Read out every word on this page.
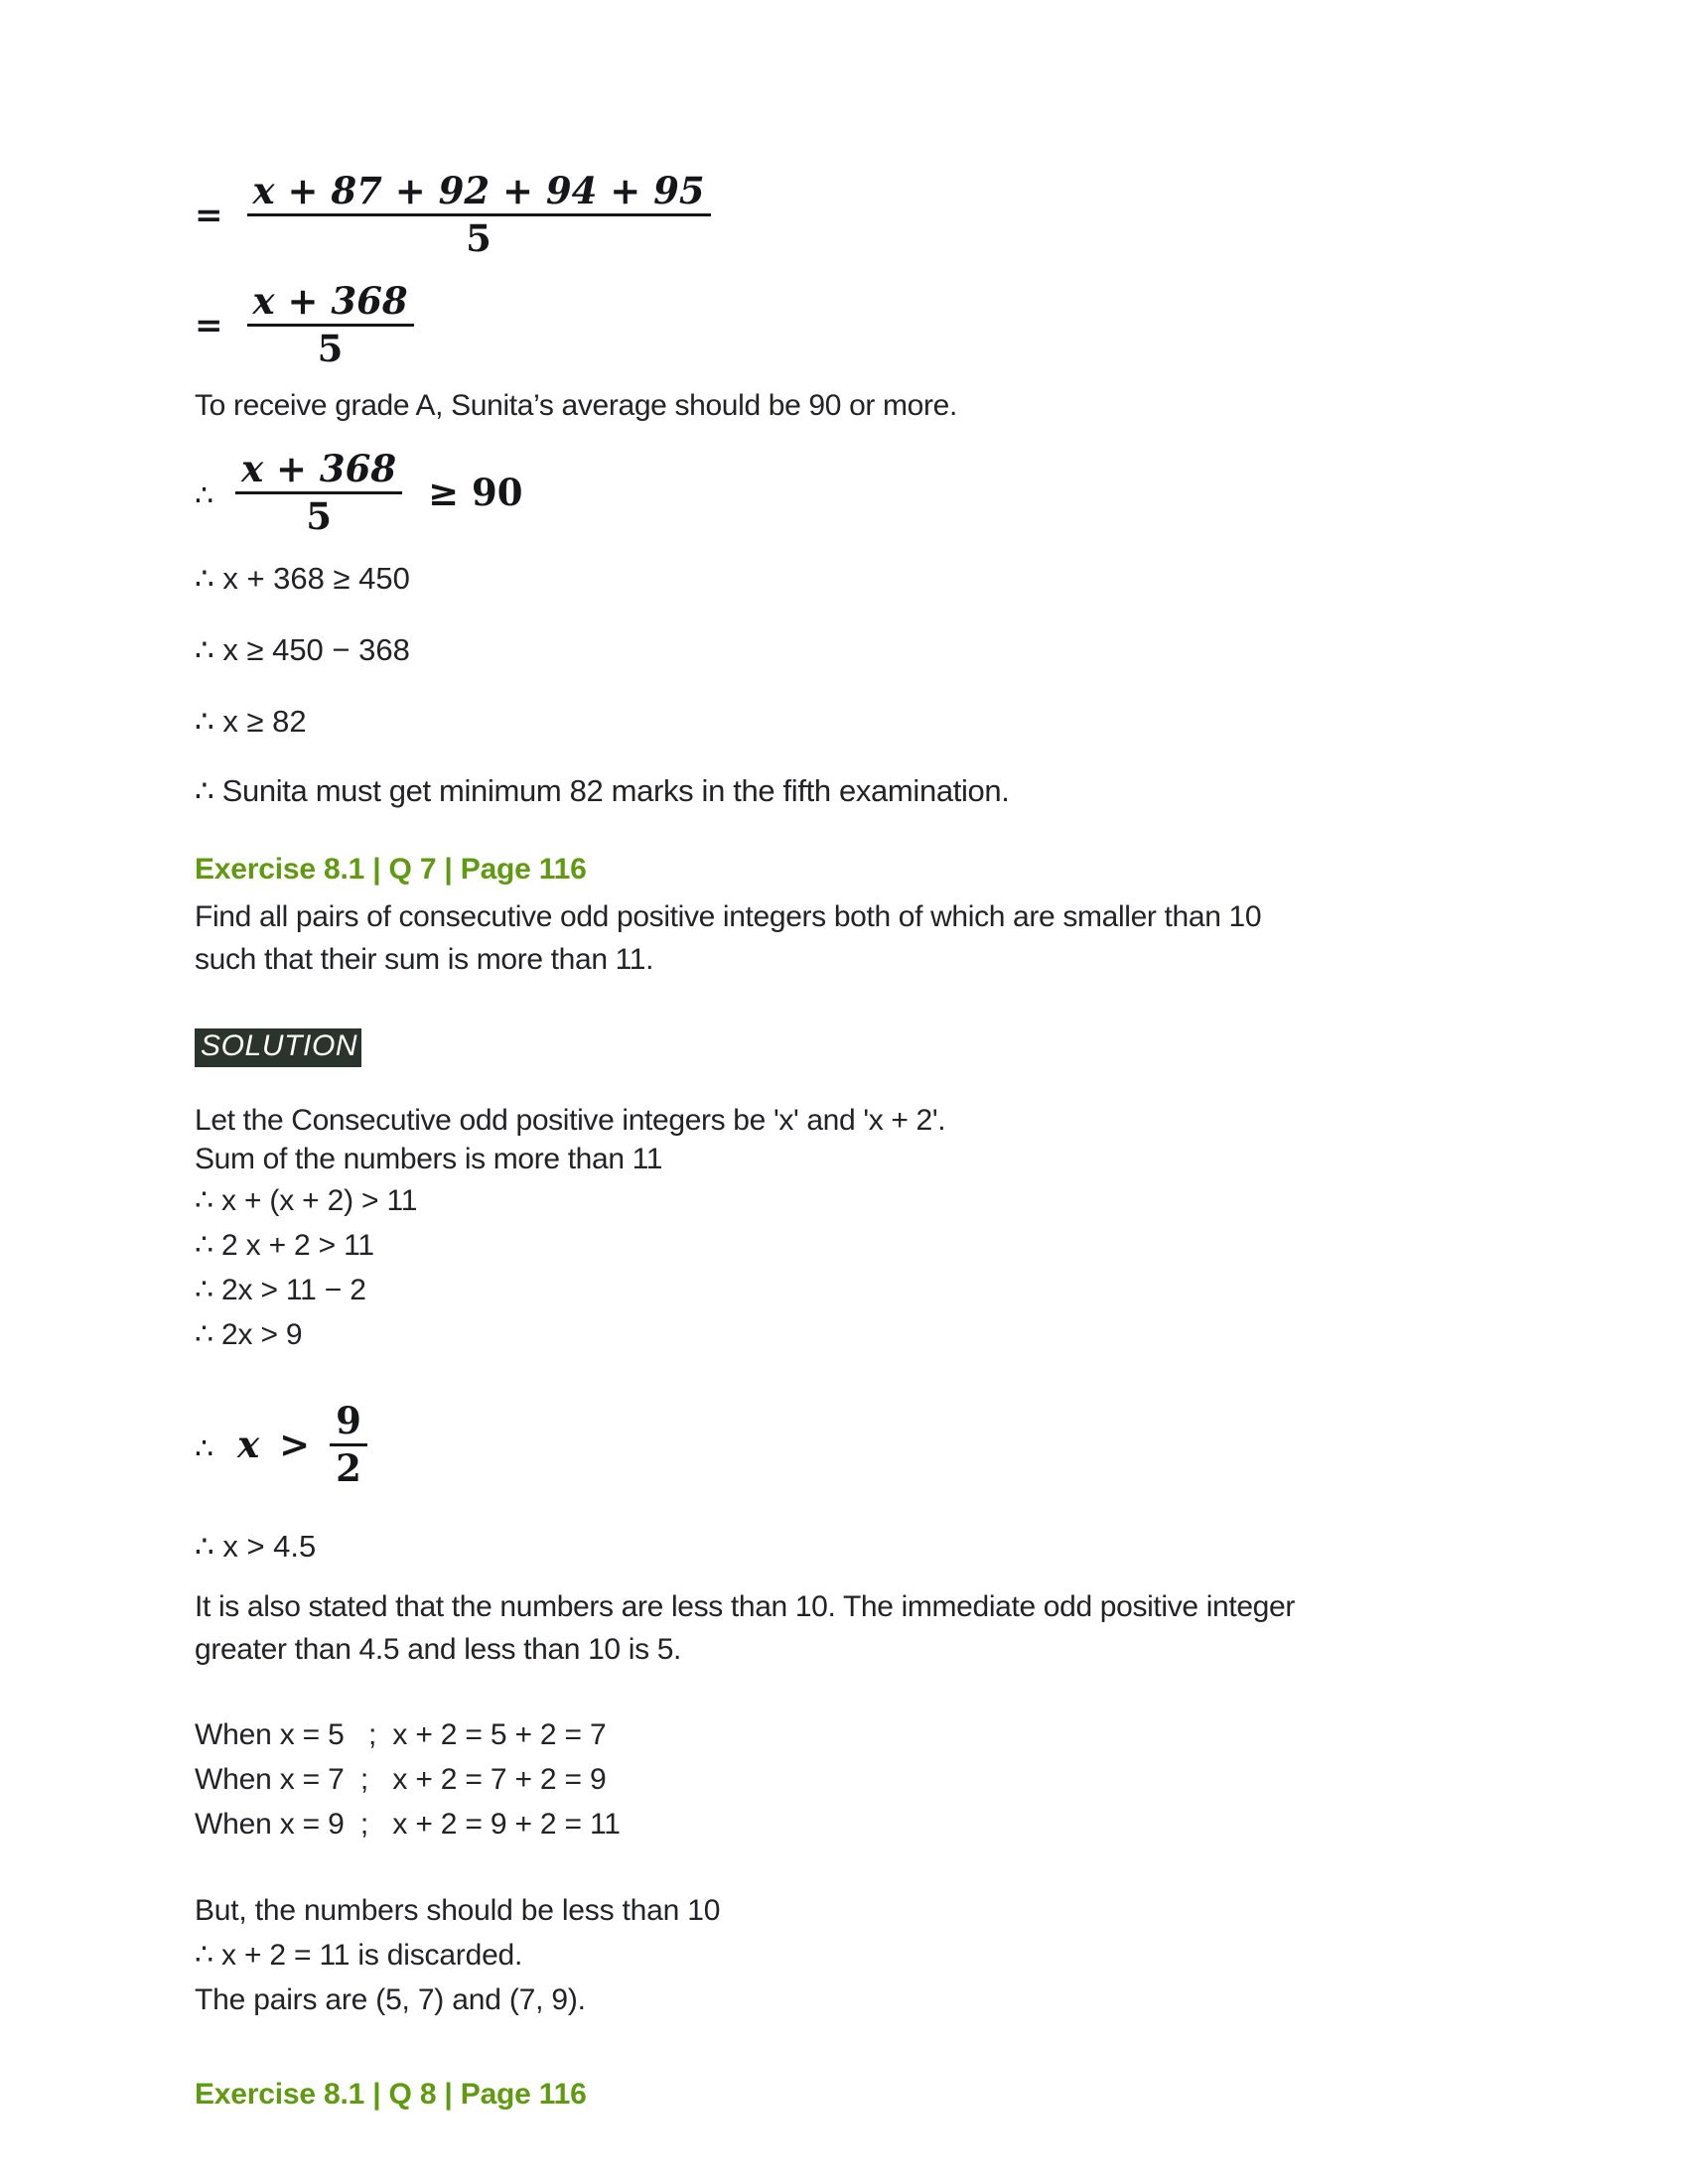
= $\frac{x + 87 + 92 + 94 + 95}{5}$
= $\frac{x + 368}{5}$

To receive grade A, Sunita’s average should be 90 or more.

∴ $\frac{x + 368}{5} \ge 90$

∴ x + 368 ≥ 450

∴ x ≥ 450 − 368

∴ x ≥ 82

∴ Sunita must get minimum 82 marks in the fifth examination.

Exercise 8.1 | Q 7 | Page 116

Find all pairs of consecutive odd positive integers both of which are smaller than 10

such that their sum is more than 11.

SOLUTION

Let the Consecutive odd positive integers be 'x' and 'x + 2'.

Sum of the numbers is more than 11

∴ x + (x + 2) > 11

∴ 2 x + 2 > 11

∴ 2x > 11 − 2

∴ 2x > 9

∴ $x > \frac{9}{2}$

∴ x > 4.5

It is also stated that the numbers are less than 10. The immediate odd positive integer

greater than 4.5 and less than 10 is 5.

When x = 5   ;  x + 2 = 5 + 2 = 7

When x = 7  ;   x + 2 = 7 + 2 = 9

When x = 9  ;   x + 2 = 9 + 2 = 11

But, the numbers should be less than 10

∴ x + 2 = 11 is discarded.

The pairs are (5, 7) and (7, 9).

Exercise 8.1 | Q 8 | Page 116
